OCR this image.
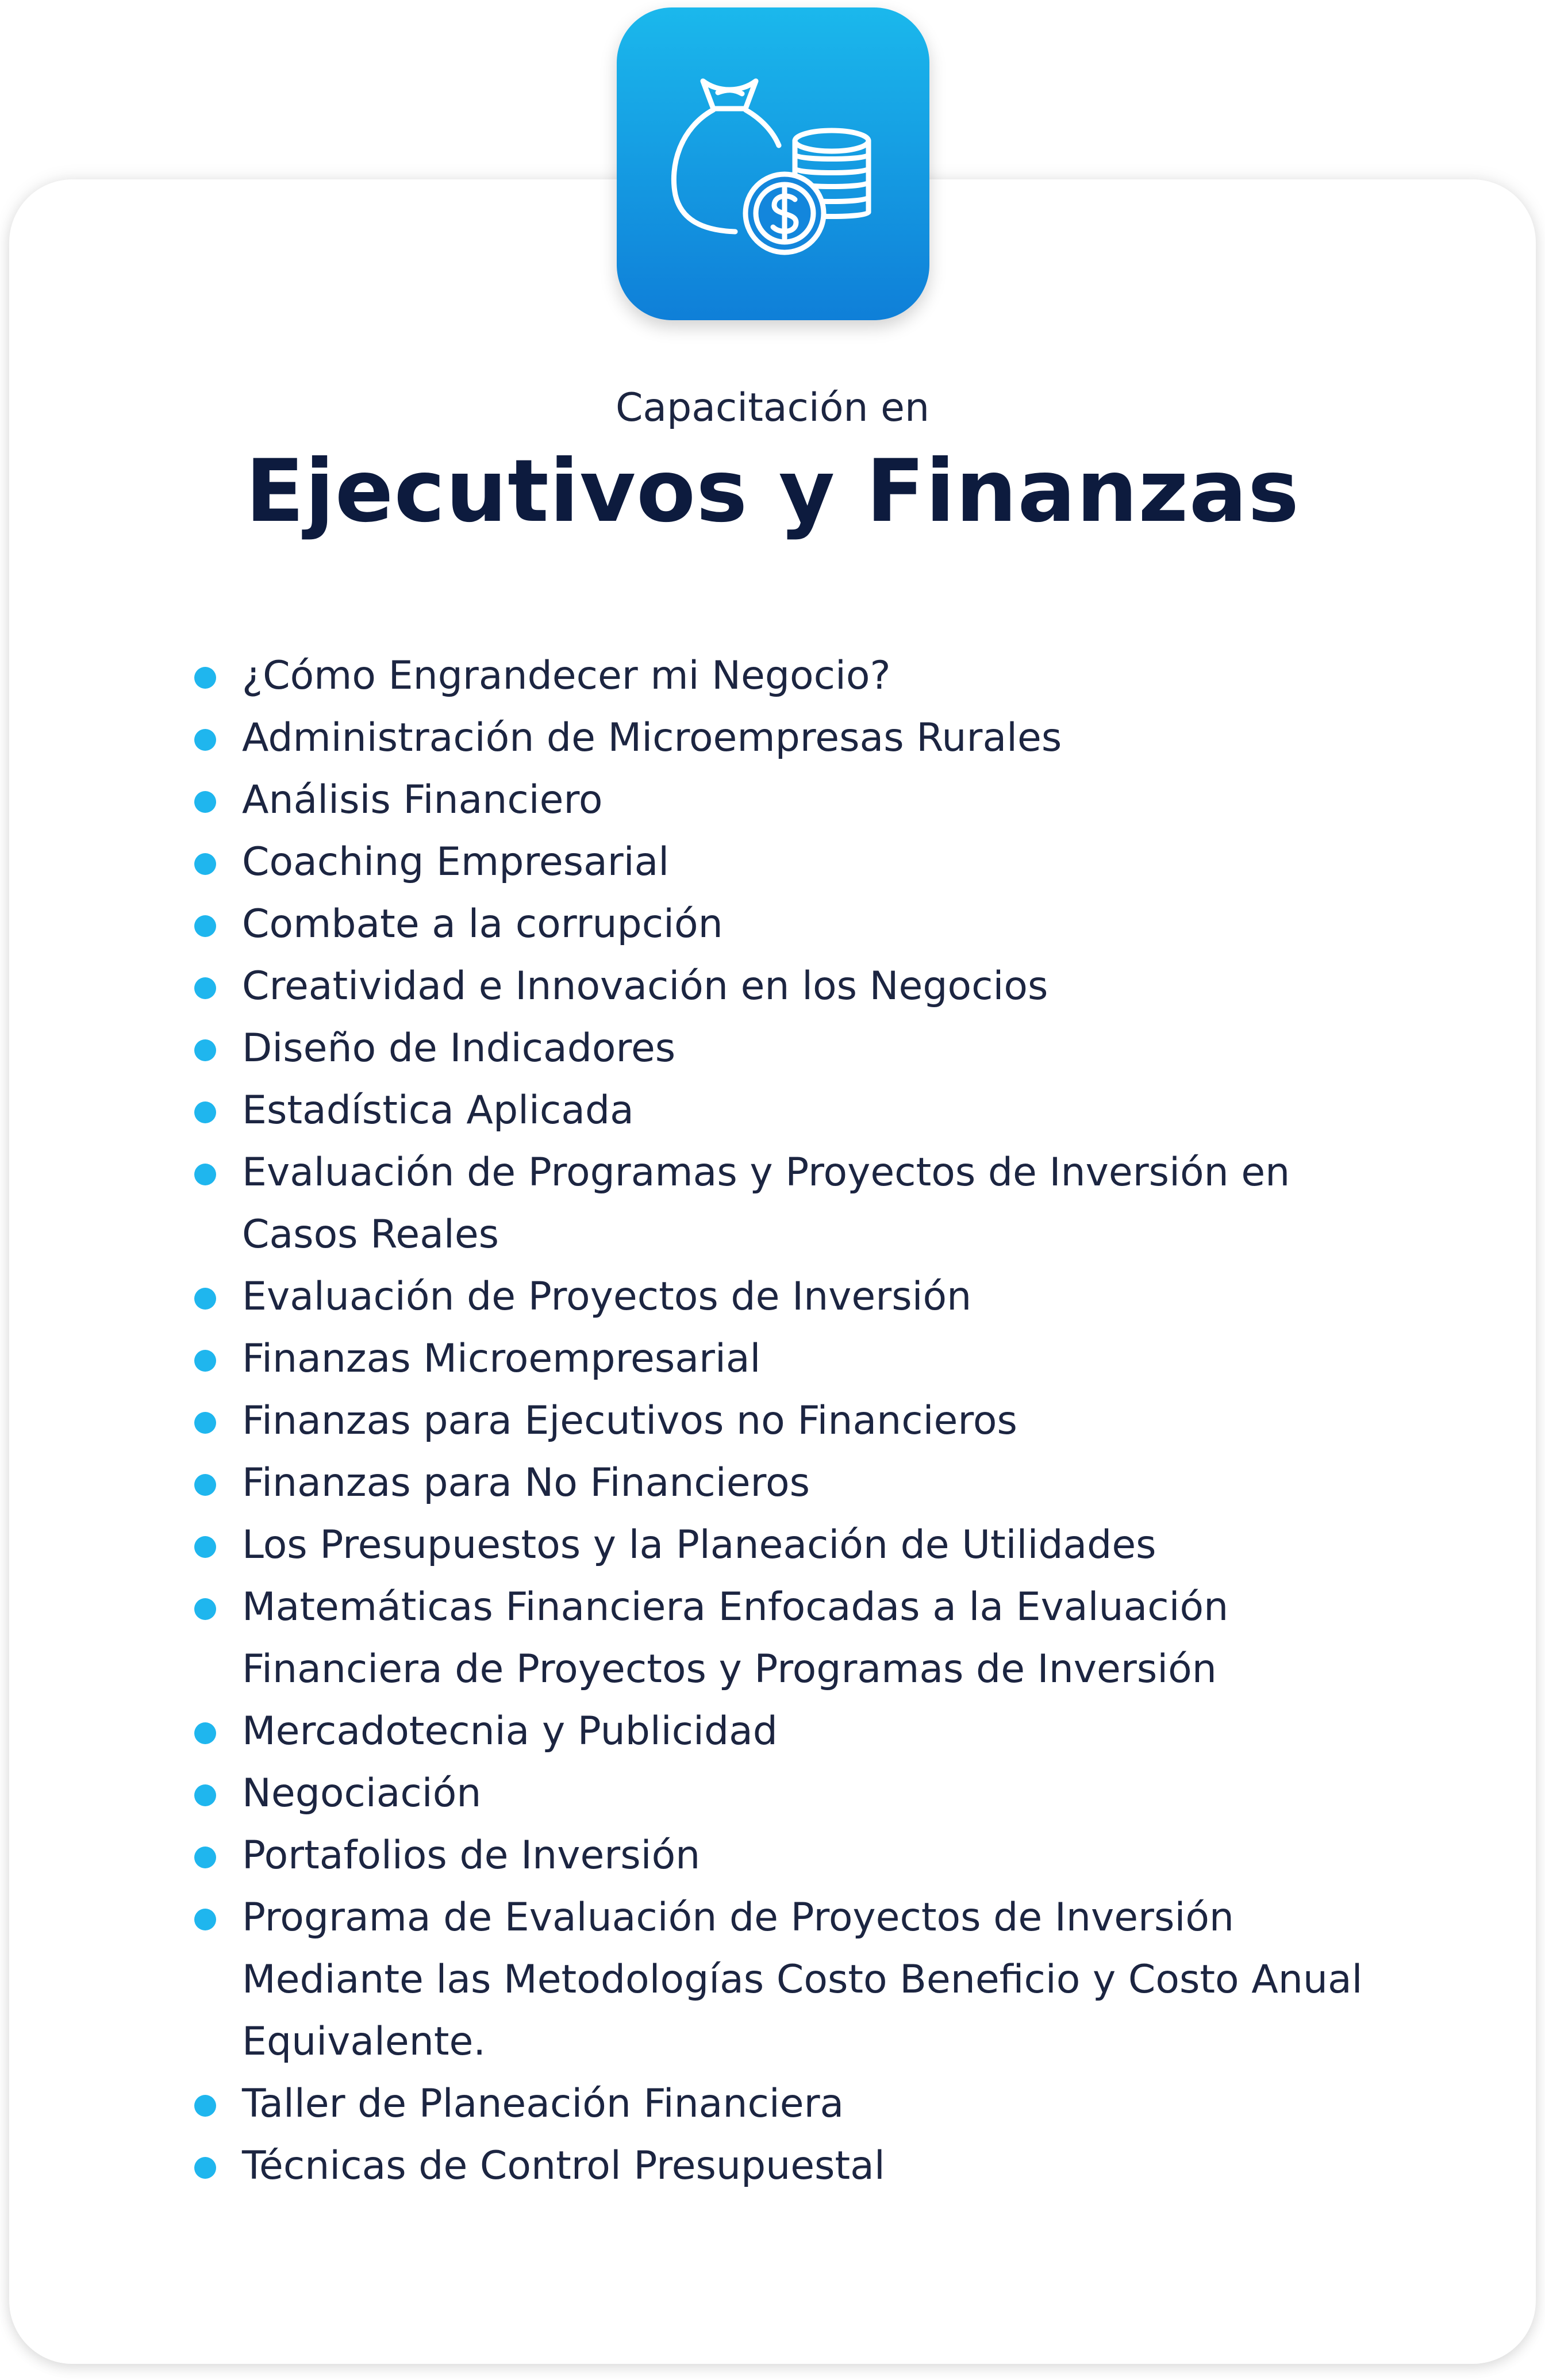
Capacitación en
Ejecutivos y Finanzas
¿Cómo Engrandecer mi Negocio?
Administración de Microempresas Rurales
Análisis Financiero
Coaching Empresarial
Combate a la corrupción
Creatividad e Innovación en los Negocios
Diseño de Indicadores
Estadística Aplicada
Evaluación de Programas y Proyectos de Inversión en Casos Reales
Evaluación de Proyectos de Inversión
Finanzas Microempresarial
Finanzas para Ejecutivos no Financieros
Finanzas para No Financieros
Los Presupuestos y la Planeación de Utilidades
Matemáticas Financiera Enfocadas a la Evaluación Financiera de Proyectos y Programas de Inversión
Mercadotecnia y Publicidad
Negociación
Portafolios de Inversión
Programa de Evaluación de Proyectos de Inversión Mediante las Metodologías Costo Beneficio y Costo Anual Equivalente.
Taller de Planeación Financiera
Técnicas de Control Presupuestal
